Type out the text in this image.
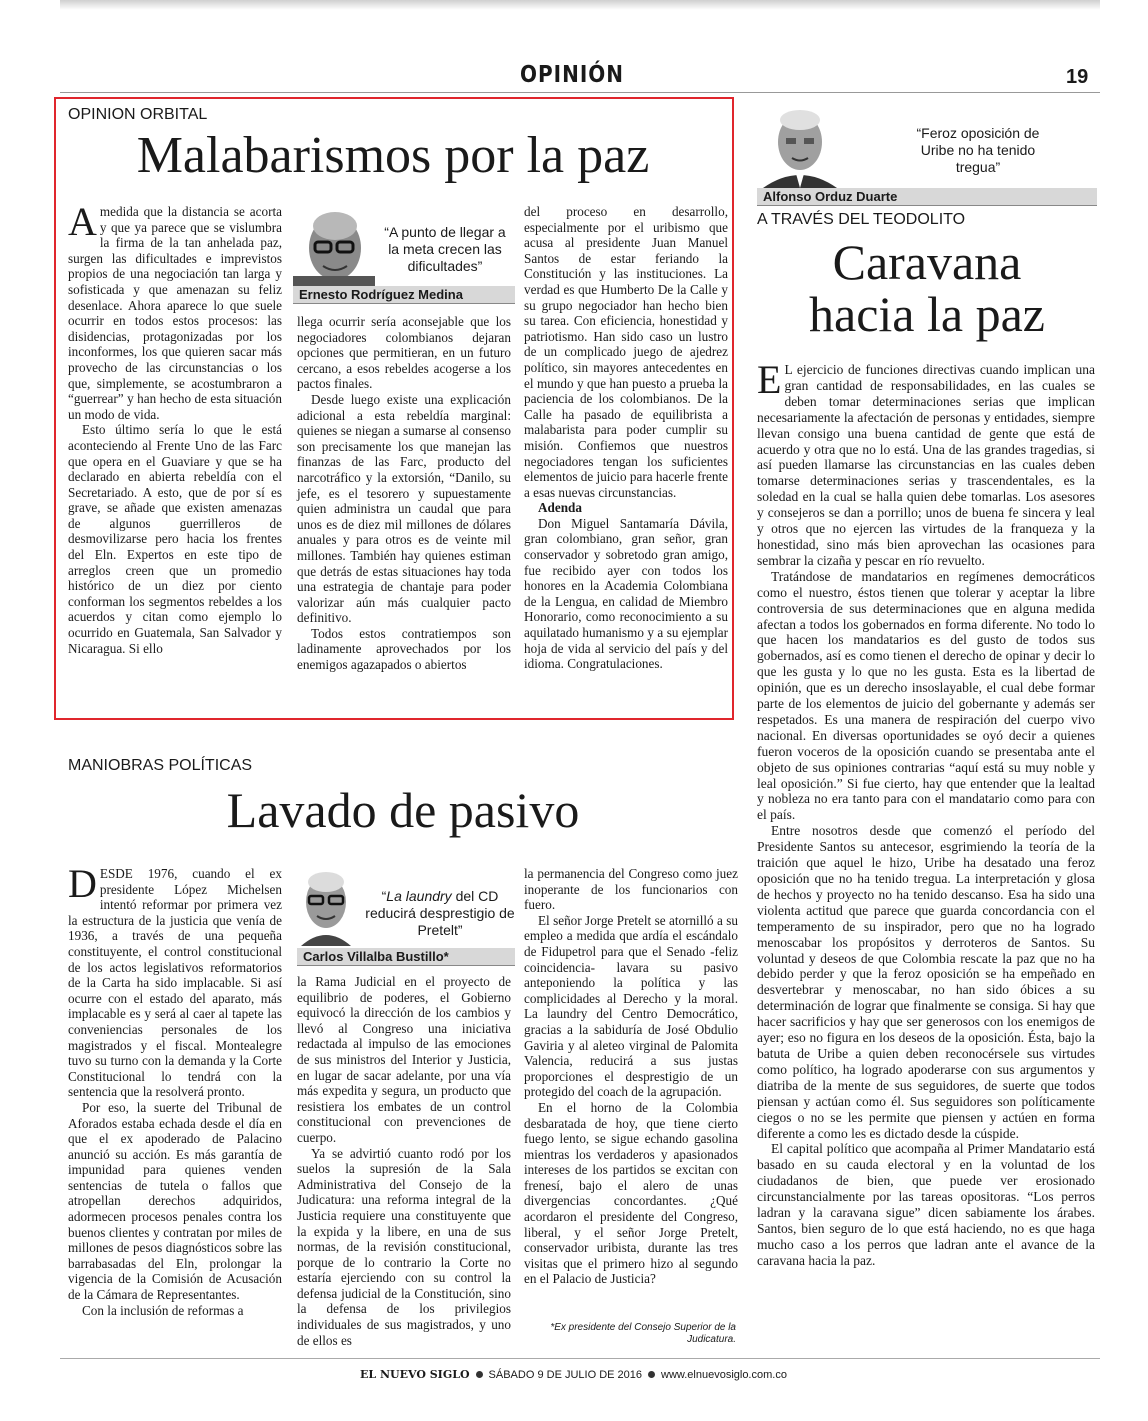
OPINIÓN	19
OPINION ORBITAL
Malabarismos por la paz

Amedida que la distancia se acorta y que ya parece que se vislumbra la firma de la tan anhelada paz, surgen las dificultades e imprevistos propios de una negociación tan larga y sofisticada y que amenazan su feliz desenlace. Ahora aparece lo que suele ocurrir en todos estos procesos: las disidencias, protagonizadas por los inconformes, los que quieren sacar más provecho de las circunstancias o los que, simplemente, se acostumbraron a “guerrear” y han hecho de esta situación un modo de vida.

Esto último sería lo que le está aconteciendo al Frente Uno de las Farc que opera en el Guaviare y que se ha declarado en abierta rebeldía con el Secretariado. A esto, que de por sí es grave, se añade que existen amenazas de algunos guerrilleros de desmovilizarse pero hacia los frentes del Eln. Expertos en este tipo de arreglos creen que un promedio histórico de un diez por ciento conforman los segmentos rebeldes a los acuerdos y citan como ejemplo lo ocurrido en Guatemala, San Salvador y Nicaragua. Si ello

“A punto de llegar a la meta crecen las dificultades”
Ernesto Rodríguez Medina

llega ocurrir sería aconsejable que los negociadores colombianos dejaran opciones que permitieran, en un futuro cercano, a esos rebeldes acogerse a los pactos finales.

Desde luego existe una explicación adicional a esta rebeldía marginal: quienes se niegan a sumarse al consenso son precisamente los que manejan las finanzas de las Farc, producto del narcotráfico y la extorsión, “Danilo, su jefe, es el tesorero y supuestamente quien administra un caudal que para unos es de diez mil millones de dólares anuales y para otros es de veinte mil millones. También hay quienes estiman que detrás de estas situaciones hay toda una estrategia de chantaje para poder valorizar aún más cualquier pacto definitivo.

Todos estos contratiempos son ladinamente aprovechados por los enemigos agazapados o abiertos

del proceso en desarrollo, especialmente por el uribismo que acusa al presidente Juan Manuel Santos de estar feriando la Constitución y las instituciones. La verdad es que Humberto De la Calle y su grupo negociador han hecho bien su tarea. Con eficiencia, honestidad y patriotismo. Han sido caso un lustro de un complicado juego de ajedrez político, sin mayores antecedentes en el mundo y que han puesto a prueba la paciencia de los colombianos. De la Calle ha pasado de equilibrista a malabarista para poder cumplir su misión. Confiemos que nuestros negociadores tengan los suficientes elementos de juicio para hacerle frente a esas nuevas circunstancias.

Adenda

Don Miguel Santamaría Dávila, gran colombiano, gran señor, gran conservador y sobretodo gran amigo, fue recibido ayer con todos los honores en la Academia Colombiana de la Lengua, en calidad de Miembro Honorario, como reconocimiento a su aquilatado humanismo y a su ejemplar hoja de vida al servicio del país y del idioma. Congratulaciones.

MANIOBRAS POLÍTICAS
Lavado de pasivo

DESDE 1976, cuando el ex presidente López Michelsen intentó reformar por primera vez la estructura de la justicia que venía de 1936, a través de una pequeña constituyente, el control constitucional de los actos legislativos reformatorios de la Carta ha sido implacable. Si así ocurre con el estado del aparato, más implacable es y será al caer al tapete las conveniencias personales de los magistrados y el fiscal. Montealegre tuvo su turno con la demanda y la Corte Constitucional lo tendrá con la sentencia que la resolverá pronto.

Por eso, la suerte del Tribunal de Aforados estaba echada desde el día en que el ex apoderado de Palacino anunció su acción. Es más garantía de impunidad para quienes venden sentencias de tutela o fallos que atropellan derechos adquiridos, adormecen procesos penales contra los buenos clientes y contratan por miles de millones de pesos diagnósticos sobre las barrabasadas del Eln, prolongar la vigencia de la Comisión de Acusación de la Cámara de Representantes.

Con la inclusión de reformas a

“La laundry del CD reducirá desprestigio de Pretelt”
Carlos Villalba Bustillo*

la Rama Judicial en el proyecto de equilibrio de poderes, el Gobierno equivocó la dirección de los cambios y llevó al Congreso una iniciativa redactada al impulso de las emociones de sus ministros del Interior y Justicia, en lugar de sacar adelante, por una vía más expedita y segura, un producto que resistiera los embates de un control constitucional con prevenciones de cuerpo.

Ya se advirtió cuanto rodó por los suelos la supresión de la Sala Administrativa del Consejo de la Judicatura: una reforma integral de la Justicia requiere una constituyente que la expida y la libere, en una de sus normas, de la revisión constitucional, porque de lo contrario la Corte no estaría ejerciendo con su control la defensa judicial de la Constitución, sino la defensa de los privilegios individuales de sus magistrados, y uno de ellos es

la permanencia del Congreso como juez inoperante de los funcionarios con fuero.

El señor Jorge Pretelt se atornilló a su empleo a medida que ardía el escándalo de Fidupetrol para que el Senado -feliz coincidencia- lavara su pasivo anteponiendo la política y las complicidades al Derecho y la moral. La laundry del Centro Democrático, gracias a la sabiduría de José Obdulio Gaviria y al aleteo virginal de Palomita Valencia, reducirá a sus justas proporciones el desprestigio de un protegido del coach de la agrupación.

En el horno de la Colombia desbaratada de hoy, que tiene cierto fuego lento, se sigue echando gasolina mientras los verdaderos y apasionados intereses de los partidos se excitan con frenesí, bajo el alero de unas divergencias concordantes. ¿Qué acordaron el presidente del Congreso, liberal, y el señor Jorge Pretelt, conservador uribista, durante las tres visitas que el primero hizo al segundo en el Palacio de Justicia?

*Ex presidente del Consejo Superior de la Judicatura.
“Feroz oposición de Uribe no ha tenido tregua”
Alfonso Orduz Duarte
A TRAVÉS DEL TEODOLITO
Caravana
hacia la paz

E L ejercicio de funciones directivas cuando implican una gran cantidad de responsabilidades, en las cuales se deben tomar determinaciones serias que implican necesariamente la afectación de personas y entidades, siempre llevan consigo una buena cantidad de gente que está de acuerdo y otra que no lo está. Una de las grandes tragedias, si así pueden llamarse las circunstancias en las cuales deben tomarse determinaciones serias y trascendentales, es la soledad en la cual se halla quien debe tomarlas. Los asesores y consejeros se dan a porrillo; unos de buena fe sincera y leal y otros que no ejercen las virtudes de la franqueza y la honestidad, sino más bien aprovechan las ocasiones para sembrar la cizaña y pescar en río revuelto.

Tratándose de mandatarios en regímenes democráticos como el nuestro, éstos tienen que tolerar y aceptar la libre controversia de sus determinaciones que en alguna medida afectan a todos los gobernados en forma diferente. No todo lo que hacen los mandatarios es del gusto de todos sus gobernados, así es como tienen el derecho de opinar y decir lo que les gusta y lo que no les gusta. Esta es la libertad de opinión, que es un derecho insoslayable, el cual debe formar parte de los elementos de juicio del gobernante y además ser respetados. Es una manera de respiración del cuerpo vivo nacional. En diversas oportunidades se oyó decir a quienes fueron voceros de la oposición cuando se presentaba ante el objeto de sus opiniones contrarias “aquí está su muy noble y leal oposición.” Si fue cierto, hay que entender que la lealtad y nobleza no era tanto para con el mandatario como para con el país.

Entre nosotros desde que comenzó el período del Presidente Santos su antecesor, esgrimiendo la teoría de la traición que aquel le hizo, Uribe ha desatado una feroz oposición que no ha tenido tregua. La interpretación y glosa de hechos y proyecto no ha tenido descanso. Esa ha sido una violenta actitud que parece que guarda concordancia con el temperamento de su inspirador, pero que no ha logrado menoscabar los propósitos y derroteros de Santos. Su voluntad y deseos de que Colombia rescate la paz que no ha debido perder y que la feroz oposición se ha empeñado en desvertebrar y menoscabar, no han sido óbices a su determinación de lograr que finalmente se consiga. Si hay que hacer sacrificios y hay que ser generosos con los enemigos de ayer; eso no figura en los deseos de la oposición. Ésta, bajo la batuta de Uribe a quien deben reconocérsele sus virtudes como político, ha logrado apoderarse con sus argumentos y diatriba de la mente de sus seguidores, de suerte que todos piensan y actúan como él. Sus seguidores son políticamente ciegos o no se les permite que piensen y actúen en forma diferente a como les es dictado desde la cúspide.

El capital político que acompaña al Primer Mandatario está basado en su cauda electoral y en la voluntad de los ciudadanos de bien, que puede ver erosionado circunstancialmente por las tareas opositoras. “Los perros ladran y la caravana sigue” dicen sabiamente los árabes. Santos, bien seguro de lo que está haciendo, no es que haga mucho caso a los perros que ladran ante el avance de la caravana hacia la paz.

EL NUEVO SIGLO SÁBADO 9 DE JULIO DE 2016 www.elnuevosiglo.com.co
